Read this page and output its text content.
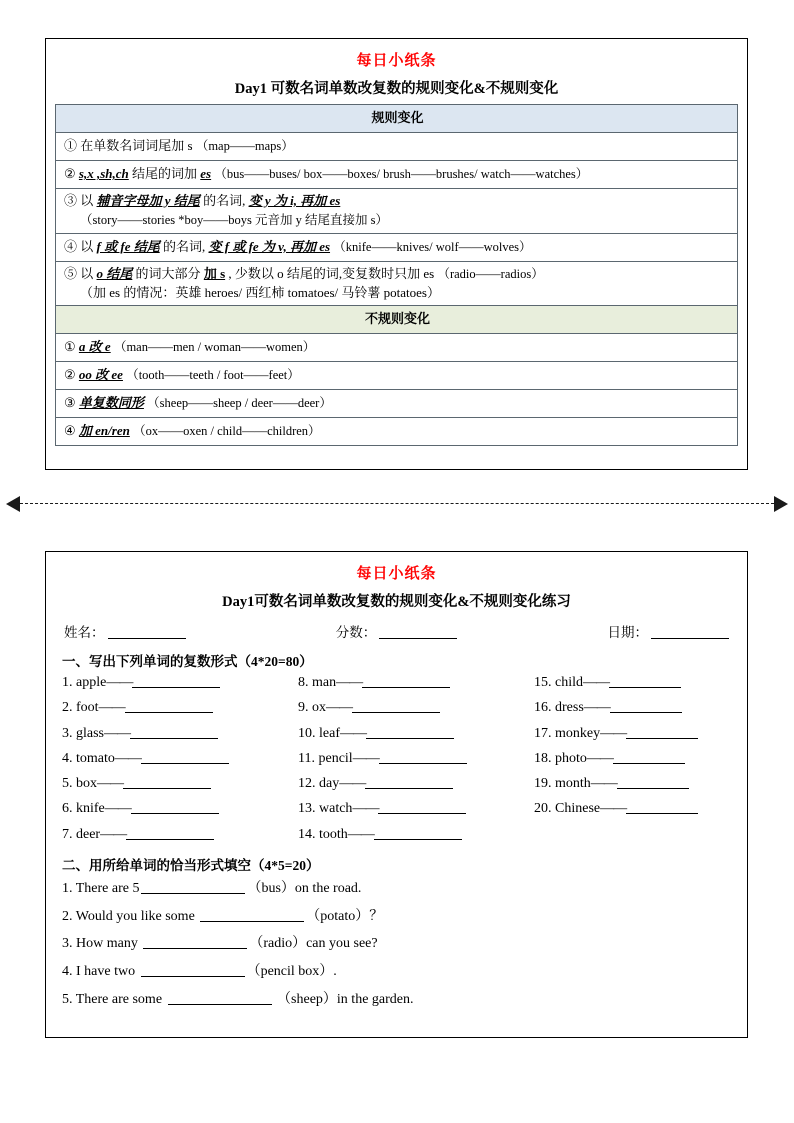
每日小纸条
Day1 可数名词单数改复数的规则变化&不规则变化
规则变化
① 在单数名词词尾加 s （map——maps）
② s,x ,sh,ch 结尾的词加 es （bus——buses/ box——boxes/ brush——brushes/ watch——watches）
③ 以 辅音字母加 y 结尾 的名词, 变 y 为 i, 再加 es
（story——stories *boy——boys 元音加 y 结尾直接加 s）
④ 以 f 或 fe 结尾 的名词, 变 f 或 fe 为 v, 再加 es （knife——knives/ wolf——wolves）
⑤ 以 o 结尾 的词大部分 加 s , 少数以 o 结尾的词,变复数时只加 es （radio——radios）
（加 es 的情况：英雄 heroes/ 西红柿 tomatoes/ 马铃薯 potatoes）
不规则变化
① a 改 e （man——men / woman——women）
② oo 改 ee （tooth——teeth / foot——feet）
③ 单复数同形 （sheep——sheep / deer——deer）
④ 加 en/ren （ox——oxen / child——children）
每日小纸条
Day1可数名词单数改复数的规则变化&不规则变化练习
姓名：	分数：	日期：
一、写出下列单词的复数形式（4*20=80）
1. apple——	8. man——	15. child——
2. foot——	9. ox——	16. dress——
3. glass——	10. leaf——	17. monkey——
4. tomato——	11. pencil——	18. photo——
5. box——	12. day——	19. month——
6. knife——	13. watch——	20. Chinese——
7. deer——	14. tooth——
二、用所给单词的恰当形式填空（4*5=20）
1. There are 5	（bus）on the road.
2. Would you like some	（potato）？
3. How many	（radio）can you see?
4. I have two	（pencil box）.
5. There are some	（sheep）in the garden.
